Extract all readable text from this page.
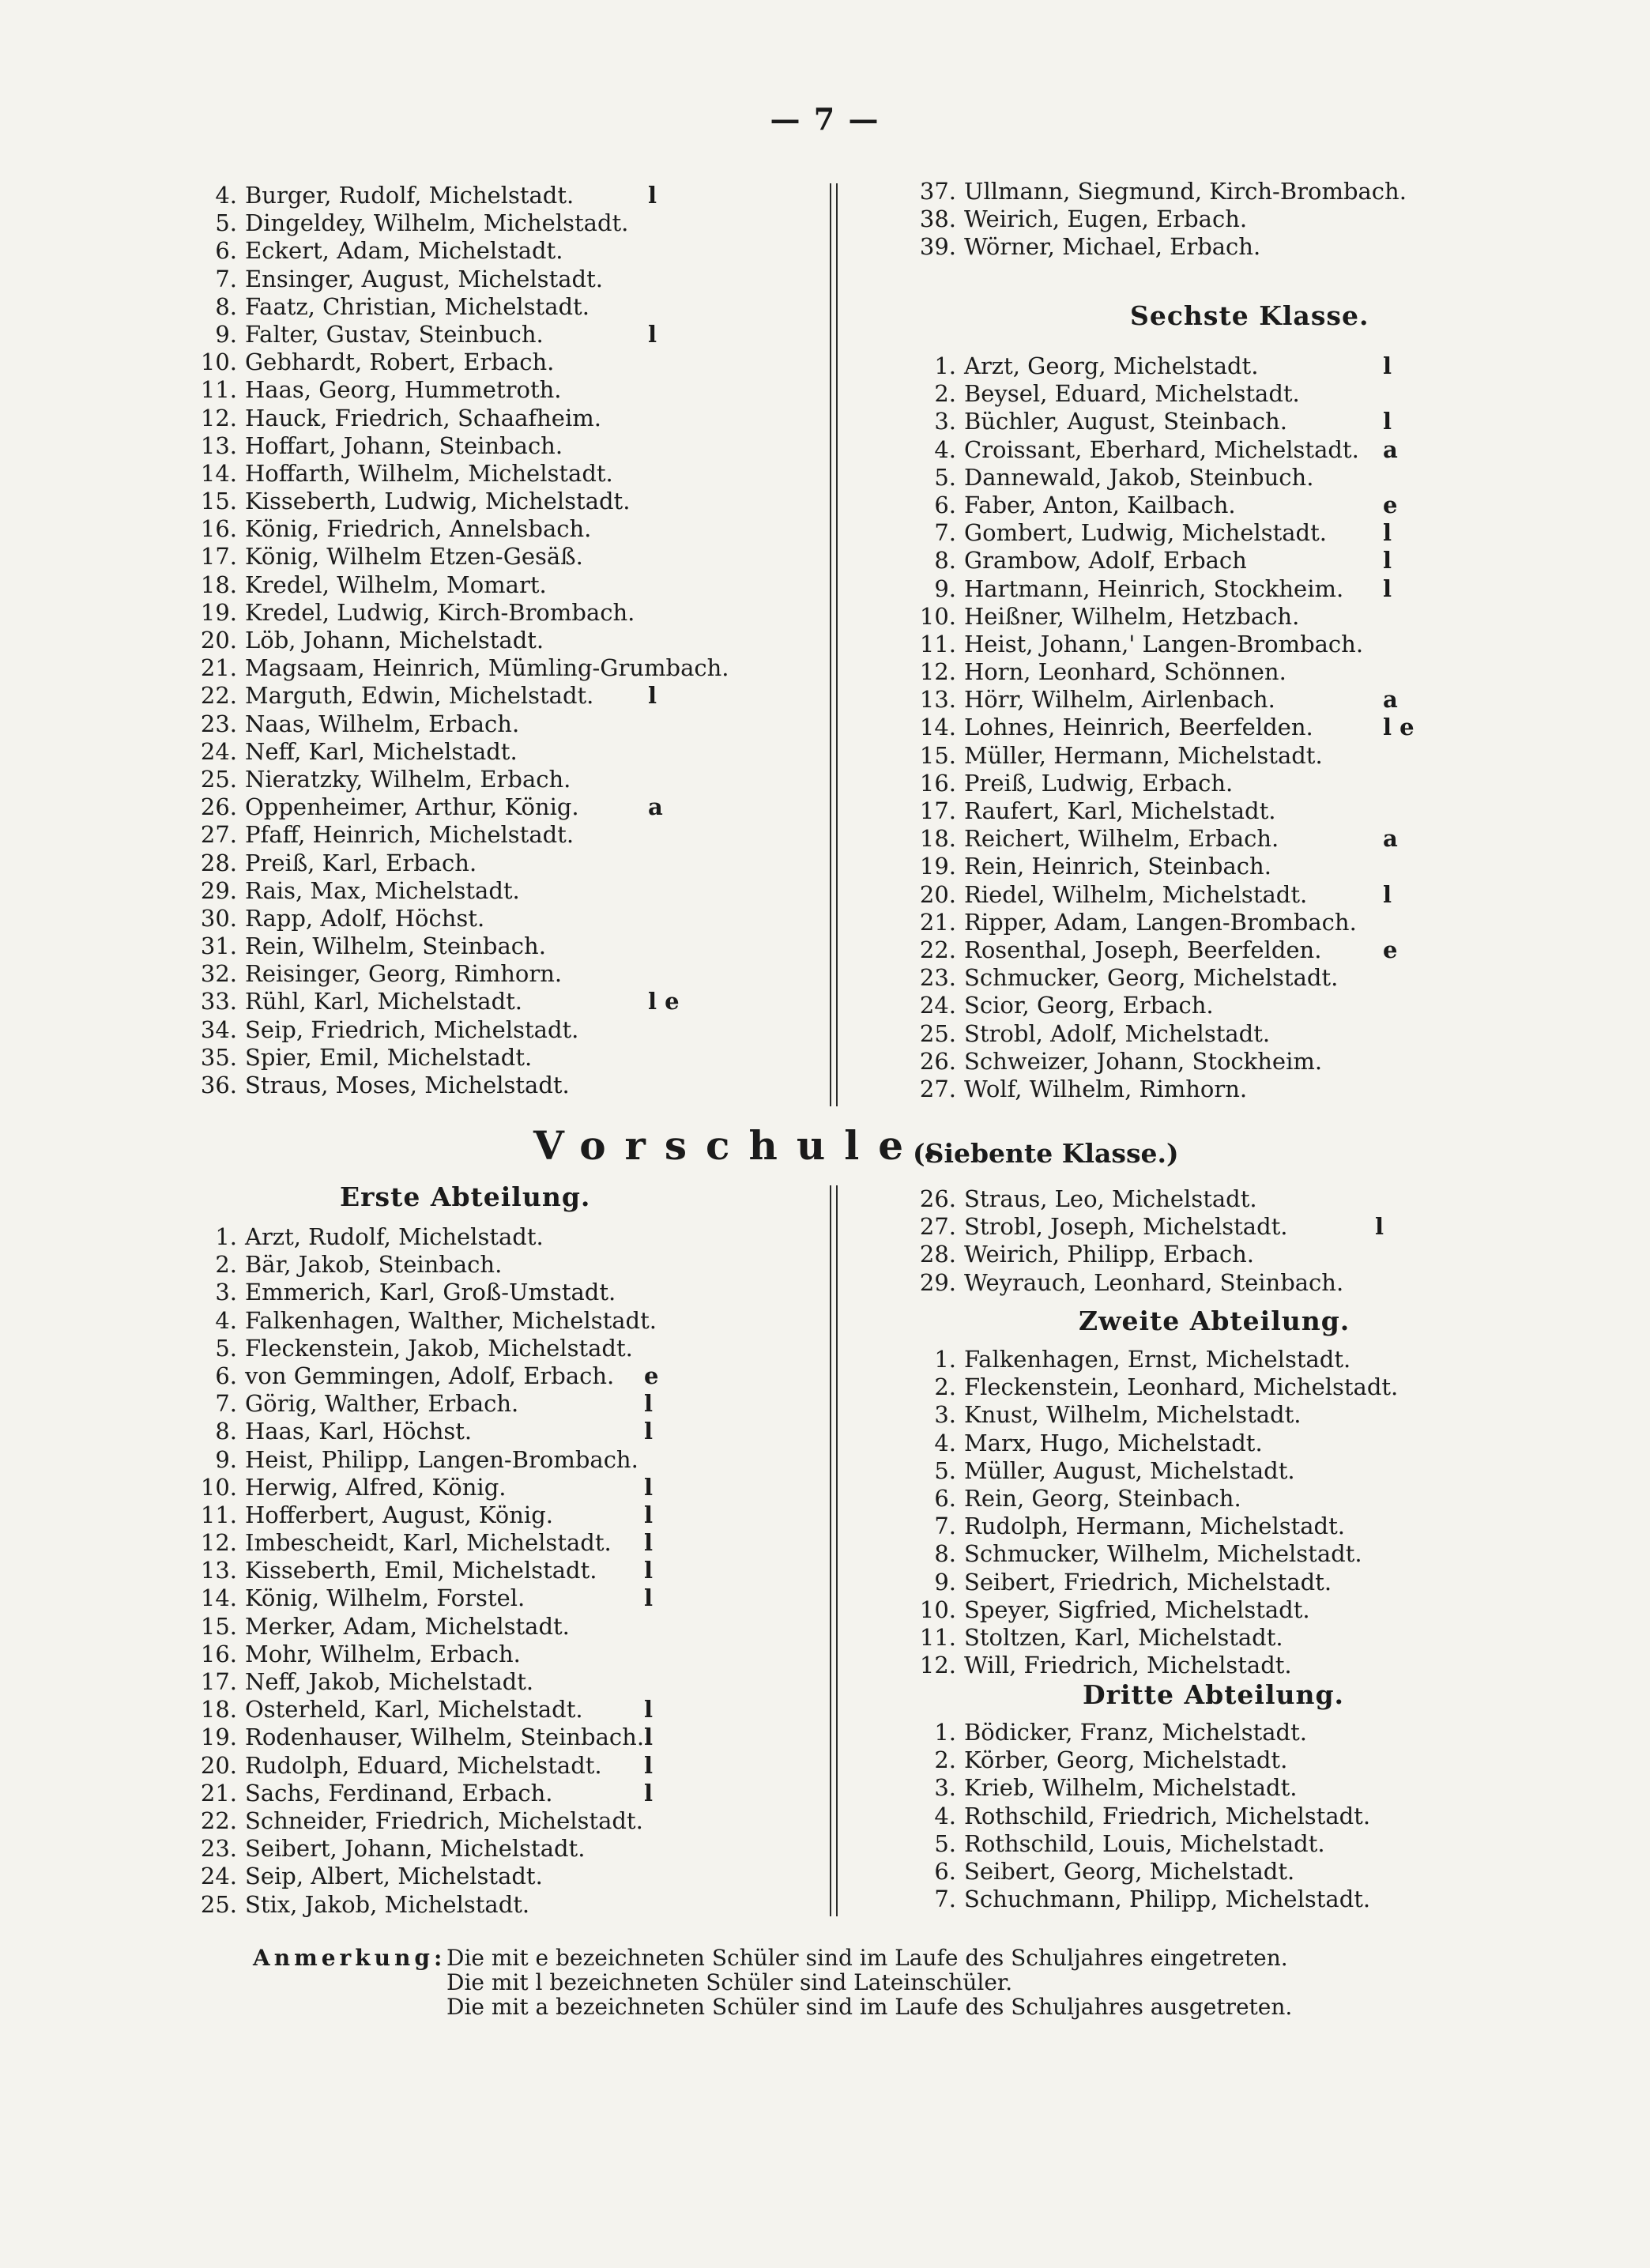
— 7 —
4. Burger, Rudolf, Michelstadt.	l
5. Dingeldey, Wilhelm, Michelstadt.
6. Eckert, Adam, Michelstadt.
7. Ensinger, August, Michelstadt.
8. Faatz, Christian, Michelstadt.
9. Falter, Gustav, Steinbuch.	l
10. Gebhardt, Robert, Erbach.
11. Haas, Georg, Hummetroth.
12. Hauck, Friedrich, Schaafheim.
13. Hoffart, Johann, Steinbach.
14. Hoffarth, Wilhelm, Michelstadt.
15. Kisseberth, Ludwig, Michelstadt.
16. König, Friedrich, Annelsbach.
17. König, Wilhelm Etzen-Gesäß.
18. Kredel, Wilhelm, Momart.
19. Kredel, Ludwig, Kirch-Brombach.
20. Löb, Johann, Michelstadt.
21. Magsaam, Heinrich, Mümling-Grumbach.
22. Marguth, Edwin, Michelstadt. l
23. Naas, Wilhelm, Erbach.
24. Neff, Karl, Michelstadt.
25. Nieratzky, Wilhelm, Erbach.
26. Oppenheimer, Arthur, König.	a
27. Pfaff, Heinrich, Michelstadt.
28. Preiß, Karl, Erbach.
29. Rais, Max, Michelstadt.
30. Rapp, Adolf, Höchst.
31. Rein, Wilhelm, Steinbach.
32. Reisinger, Georg, Rimhorn.
33. Rühl, Karl, Michelstadt.	l e
34. Seip, Friedrich, Michelstadt.
35. Spier, Emil, Michelstadt.
36. Straus, Moses, Michelstadt.
37. Ullmann, Siegmund, Kirch-Brombach.
38. Weirich, Eugen, Erbach.
39. Wörner, Michael, Erbach.
Sechste Klasse.
1. Arzt, Georg, Michelstadt.	l
2. Beysel, Eduard, Michelstadt.
3. Büchler, August, Steinbach.	l
4. Croissant, Eberhard, Michelstadt. a
5. Dannewald, Jakob, Steinbuch.
6. Faber, Anton, Kailbach.	e
7. Gombert, Ludwig, Michelstadt. l
8. Grambow, Adolf, Erbach	l
9. Hartmann, Heinrich, Stockheim. l
10. Heißner, Wilhelm, Hetzbach.
11. Heist, Johann,' Langen-Brombach.
12. Horn, Leonhard, Schönnen.
13. Hörr, Wilhelm, Airlenbach.	a
14. Lohnes, Heinrich, Beerfelden.	l e
15. Müller, Hermann, Michelstadt.
16. Preiß, Ludwig, Erbach.
17. Raufert, Karl, Michelstadt.
18. Reichert, Wilhelm, Erbach.	a
19. Rein, Heinrich, Steinbach.
20. Riedel, Wilhelm, Michelstadt.	l
21. Ripper, Adam, Langen-Brombach.
22. Rosenthal, Joseph, Beerfelden.	e
23. Schmucker, Georg, Michelstadt.
24. Scior, Georg, Erbach.
25. Strobl, Adolf, Michelstadt.
26. Schweizer, Johann, Stockheim.
27. Wolf, Wilhelm, Rimhorn.
Vorschule.
(Siebente Klasse.)
Erste Abteilung.
1. Arzt, Rudolf, Michelstadt.
2. Bär, Jakob, Steinbach.
3. Emmerich, Karl, Groß-Umstadt.
4. Falkenhagen, Walther, Michelstadt.
5. Fleckenstein, Jakob, Michelstadt.
6. von Gemmingen, Adolf, Erbach. e
7. Görig, Walther, Erbach.	l
8. Haas, Karl, Höchst.	l
9. Heist, Philipp, Langen-Brombach.
10. Herwig, Alfred, König.	l
11. Hofferbert, August, König.	l
12. Imbescheidt, Karl, Michelstadt. l
13. Kisseberth, Emil, Michelstadt. l
14. König, Wilhelm, Forstel.	l
15. Merker, Adam, Michelstadt.
16. Mohr, Wilhelm, Erbach.
17. Neff, Jakob, Michelstadt.
18. Osterheld, Karl, Michelstadt.	l
19. Rodenhauser, Wilhelm, Steinbach. l
20. Rudolph, Eduard, Michelstadt. l
21. Sachs, Ferdinand, Erbach.	l
22. Schneider, Friedrich, Michelstadt.
23. Seibert, Johann, Michelstadt.
24. Seip, Albert, Michelstadt.
25. Stix, Jakob, Michelstadt.
26. Straus, Leo, Michelstadt.
27. Strobl, Joseph, Michelstadt.	l
28. Weirich, Philipp, Erbach.
29. Weyrauch, Leonhard, Steinbach.
Zweite Abteilung.
1. Falkenhagen, Ernst, Michelstadt.
2. Fleckenstein, Leonhard, Michelstadt.
3. Knust, Wilhelm, Michelstadt.
4. Marx, Hugo, Michelstadt.
5. Müller, August, Michelstadt.
6. Rein, Georg, Steinbach.
7. Rudolph, Hermann, Michelstadt.
8. Schmucker, Wilhelm, Michelstadt.
9. Seibert, Friedrich, Michelstadt.
10. Speyer, Sigfried, Michelstadt.
11. Stoltzen, Karl, Michelstadt.
12. Will, Friedrich, Michelstadt.
Dritte Abteilung.
1. Bödicker, Franz, Michelstadt.
2. Körber, Georg, Michelstadt.
3. Krieb, Wilhelm, Michelstadt.
4. Rothschild, Friedrich, Michelstadt.
5. Rothschild, Louis, Michelstadt.
6. Seibert, Georg, Michelstadt.
7. Schuchmann, Philipp, Michelstadt.
Anmerkung:Die mit e bezeichneten Schüler sind im Laufe des Schuljahres eingetreten.
Die mit l bezeichneten Schüler sind Lateinschüler.
Die mit a bezeichneten Schüler sind im Laufe des Schuljahres ausgetreten.
